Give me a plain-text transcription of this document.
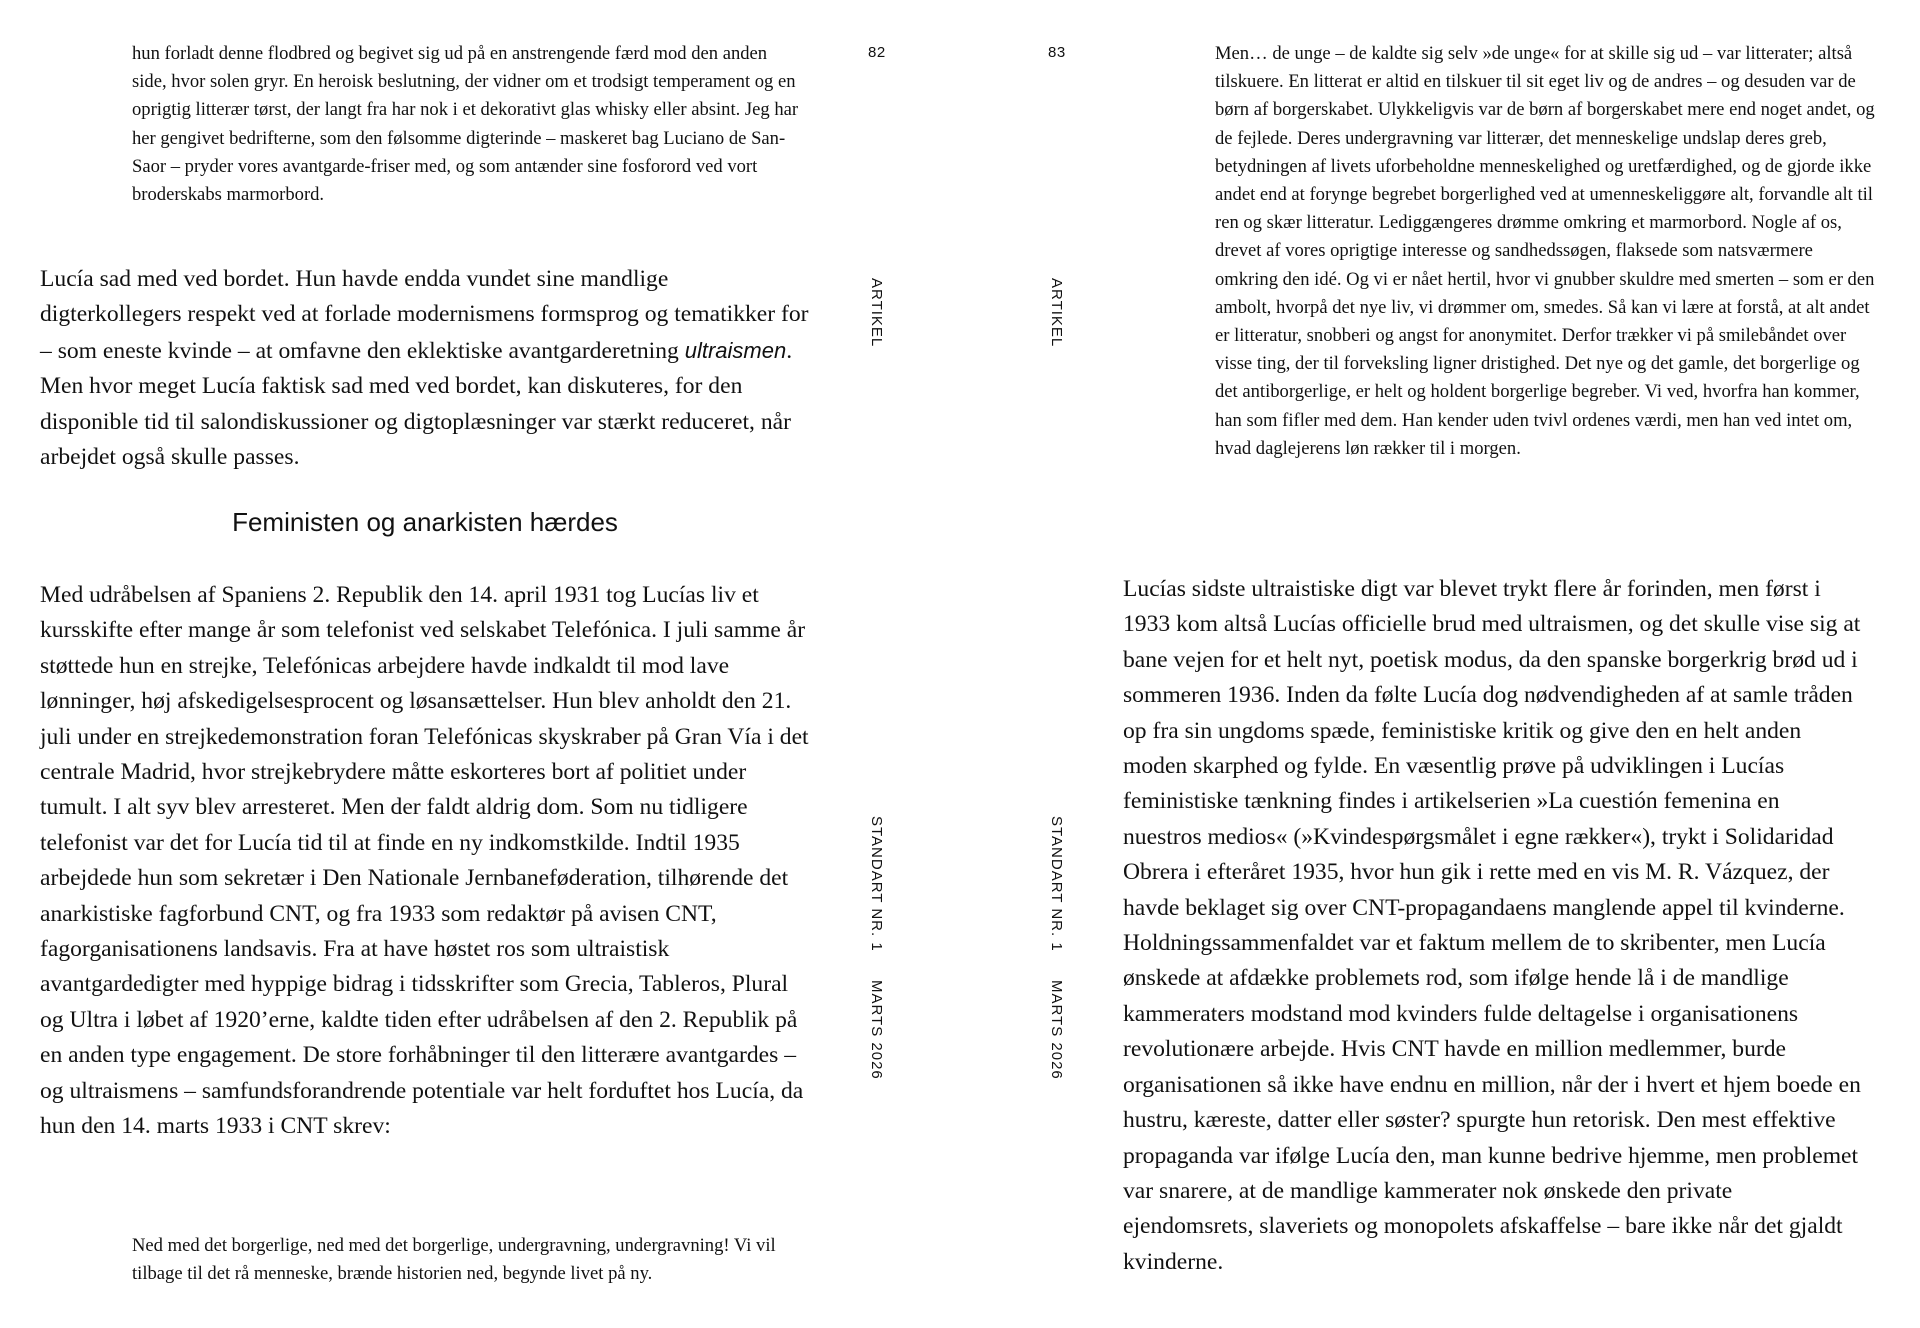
hun forladt denne flodbred og begivet sig ud på en anstrengende færd mod den anden side, hvor solen gryr. En heroisk beslutning, der vidner om et trodsigt temperament og en oprigtig litterær tørst, der langt fra har nok i et dekorativt glas whisky eller absint. Jeg har her gengivet bedrifterne, som den følsomme digterinde – maskeret bag Luciano de San-Saor – pryder vores avantgarde-friser med, og som antænder sine fosforord ved vort broderskabs marmorbord.

Lucía sad med ved bordet. Hun havde endda vundet sine mandlige digterkollegers respekt ved at forlade modernismens formsprog og tematikker for – som eneste kvinde – at omfavne den eklektiske avantgarderetning ultraismen. Men hvor meget Lucía faktisk sad med ved bordet, kan diskuteres, for den disponible tid til salondiskussioner og digtoplæsninger var stærkt reduceret, når arbejdet også skulle passes.

Feministen og anarkisten hærdes

Med udråbelsen af Spaniens 2. Republik den 14. april 1931 tog Lucías liv et kursskifte efter mange år som telefonist ved selskabet Telefónica. I juli samme år støttede hun en strejke, Telefónicas arbejdere havde indkaldt til mod lave lønninger, høj afskedigelsesprocent og løsansættelser. Hun blev anholdt den 21. juli under en strejkedemonstration foran Telefónicas skyskraber på Gran Vía i det centrale Madrid, hvor strejkebrydere måtte eskorteres bort af politiet under tumult. I alt syv blev arresteret. Men der faldt aldrig dom. Som nu tidligere telefonist var det for Lucía tid til at finde en ny indkomstkilde. Indtil 1935 arbejdede hun som sekretær i Den Nationale Jernbaneføderation, tilhørende det anarkistiske fagforbund CNT, og fra 1933 som redaktør på avisen CNT, fagorganisationens landsavis. Fra at have høstet ros som ultraistisk avantgardedigter med hyppige bidrag i tidsskrifter som Grecia, Tableros, Plural og Ultra i løbet af 1920’erne, kaldte tiden efter udråbelsen af den 2. Republik på en anden type engagement. De store forhåbninger til den litterære avantgardes – og ultraismens – samfundsforandrende potentiale var helt forduftet hos Lucía, da hun den 14. marts 1933 i CNT skrev:

Ned med det borgerlige, ned med det borgerlige, undergravning, undergravning! Vi vil tilbage til det rå menneske, brænde historien ned, begynde livet på ny.

82
ARTIKEL
STANDART NR. 1
MARTS 2026
83
ARTIKEL
STANDART NR. 1
MARTS 2026

Men… de unge – de kaldte sig selv »de unge« for at skille sig ud – var litterater; altså tilskuere. En litterat er altid en tilskuer til sit eget liv og de andres – og desuden var de børn af borgerskabet. Ulykkeligvis var de børn af borgerskabet mere end noget andet, og de fejlede. Deres undergravning var litterær, det menneskelige undslap deres greb, betydningen af livets uforbeholdne menneskelighed og uretfærdighed, og de gjorde ikke andet end at forynge begrebet borgerlighed ved at umenneskeliggøre alt, forvandle alt til ren og skær litteratur. Lediggængeres drømme omkring et marmorbord. Nogle af os, drevet af vores oprigtige interesse og sandhedssøgen, flaksede som natsværmere omkring den idé. Og vi er nået hertil, hvor vi gnubber skuldre med smerten – som er den ambolt, hvorpå det nye liv, vi drømmer om, smedes. Så kan vi lære at forstå, at alt andet er litteratur, snobberi og angst for anonymitet. Derfor trækker vi på smilebåndet over visse ting, der til forveksling ligner dristighed. Det nye og det gamle, det borgerlige og det antiborgerlige, er helt og holdent borgerlige begreber. Vi ved, hvorfra han kommer, han som fifler med dem. Han kender uden tvivl ordenes værdi, men han ved intet om, hvad daglejerens løn rækker til i morgen.

Lucías sidste ultraistiske digt var blevet trykt flere år forinden, men først i 1933 kom altså Lucías officielle brud med ultraismen, og det skulle vise sig at bane vejen for et helt nyt, poetisk modus, da den spanske borgerkrig brød ud i sommeren 1936. Inden da følte Lucía dog nødvendigheden af at samle tråden op fra sin ungdoms spæde, feministiske kritik og give den en helt anden moden skarphed og fylde. En væsentlig prøve på udviklingen i Lucías feministiske tænkning findes i artikelserien »La cuestión femenina en nuestros medios« (»Kvindespørgsmålet i egne rækker«), trykt i Solidaridad Obrera i efteråret 1935, hvor hun gik i rette med en vis M. R. Vázquez, der havde beklaget sig over CNT-propagandaens manglende appel til kvinderne. Holdningssammenfaldet var et faktum mellem de to skribenter, men Lucía ønskede at afdække problemets rod, som ifølge hende lå i de mandlige kammeraters modstand mod kvinders fulde deltagelse i organisationens revolutionære arbejde. Hvis CNT havde en million medlemmer, burde organisationen så ikke have endnu en million, når der i hvert et hjem boede en hustru, kæreste, datter eller søster? spurgte hun retorisk. Den mest effektive propaganda var ifølge Lucía den, man kunne bedrive hjemme, men problemet var snarere, at de mandlige kammerater nok ønskede den private ejendomsrets, slaveriets og monopolets afskaffelse – bare ikke når det gjaldt kvinderne.
